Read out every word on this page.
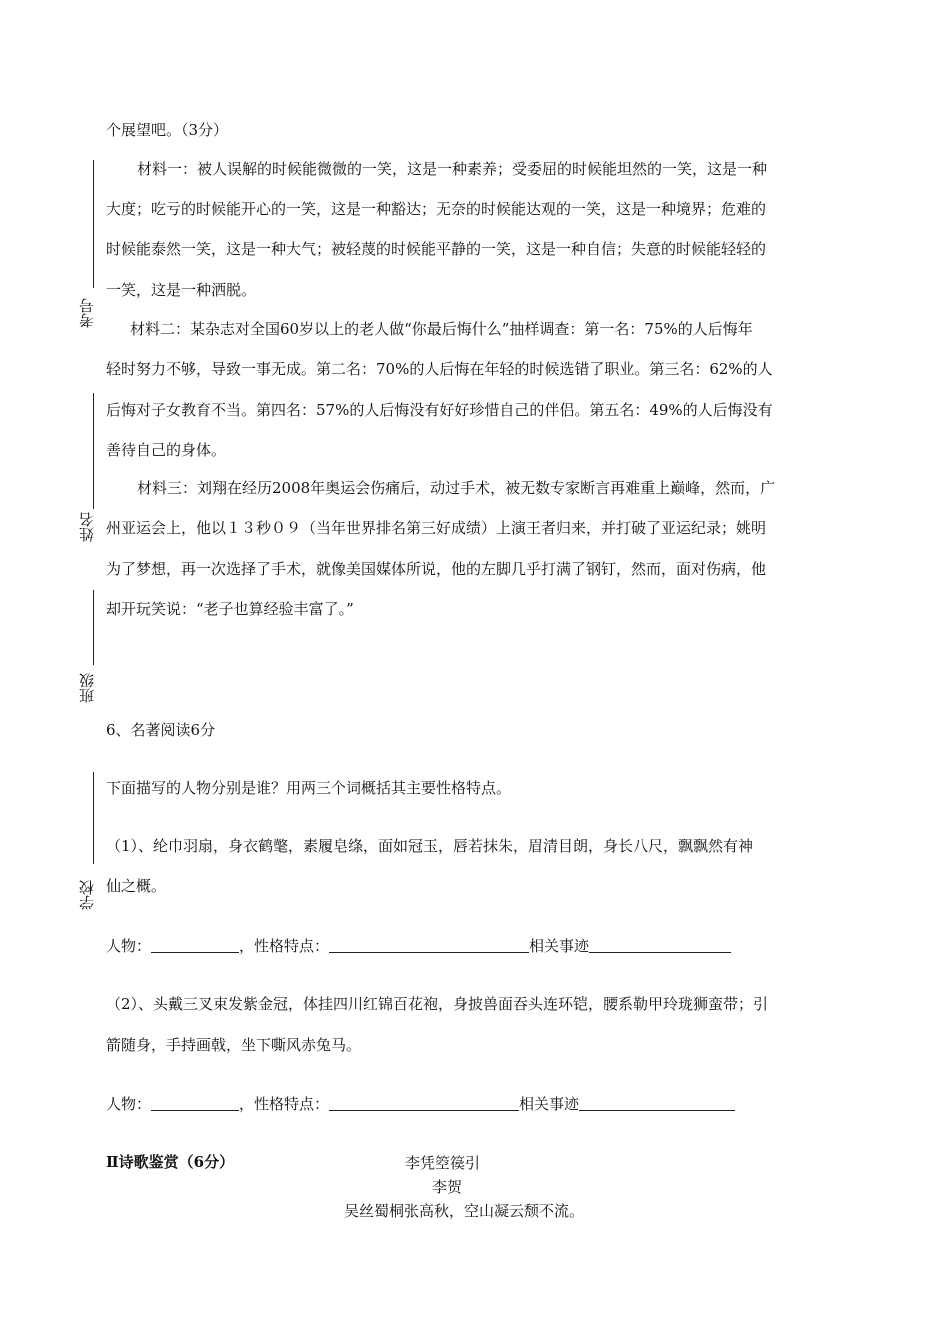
考号
姓名
班级
学校
个展望吧。（3分）
材料一：被人误解的时候能微微的一笑，这是一种素养；受委屈的时候能坦然的一笑，这是一种
大度；吃亏的时候能开心的一笑，这是一种豁达；无奈的时候能达观的一笑，这是一种境界；危难的
时候能泰然一笑，这是一种大气；被轻蔑的时候能平静的一笑，这是一种自信；失意的时候能轻轻的
一笑，这是一种洒脱。
材料二：某杂志对全国60岁以上的老人做“你最后悔什么”抽样调查：第一名：75%的人后悔年
轻时努力不够，导致一事无成。第二名：70%的人后悔在年轻的时候选错了职业。第三名：62%的人
后悔对子女教育不当。第四名：57%的人后悔没有好好珍惜自己的伴侣。第五名：49%的人后悔没有
善待自己的身体。
材料三：刘翔在经历2008年奥运会伤痛后，动过手术，被无数专家断言再难重上巅峰，然而，广
州亚运会上，他以１３秒０９（当年世界排名第三好成绩）上演王者归来，并打破了亚运纪录；姚明
为了梦想，再一次选择了手术，就像美国媒体所说，他的左脚几乎打满了钢钉，然而，面对伤病，他
却开玩笑说：“老子也算经验丰富了。”
6、名著阅读6分
下面描写的人物分别是谁？用两三个词概括其主要性格特点。
（1）、纶巾羽扇，身衣鹤氅，素履皂绦，面如冠玉，唇若抹朱，眉清目朗，身长八尺，飘飘然有神
仙之概。
人物：	，性格特点：	相关事迹
（2）、头戴三叉束发紫金冠，体挂四川红锦百花袍，身披兽面吞头连环铠，腰系勒甲玲珑狮蛮带；引
箭随身，手持画戟，坐下嘶风赤兔马。
人物：	，性格特点：	相关事迹
Ⅱ诗歌鉴赏（6分）	李凭箜篌引
李贺
吴丝蜀桐张高秋，空山凝云颓不流。
